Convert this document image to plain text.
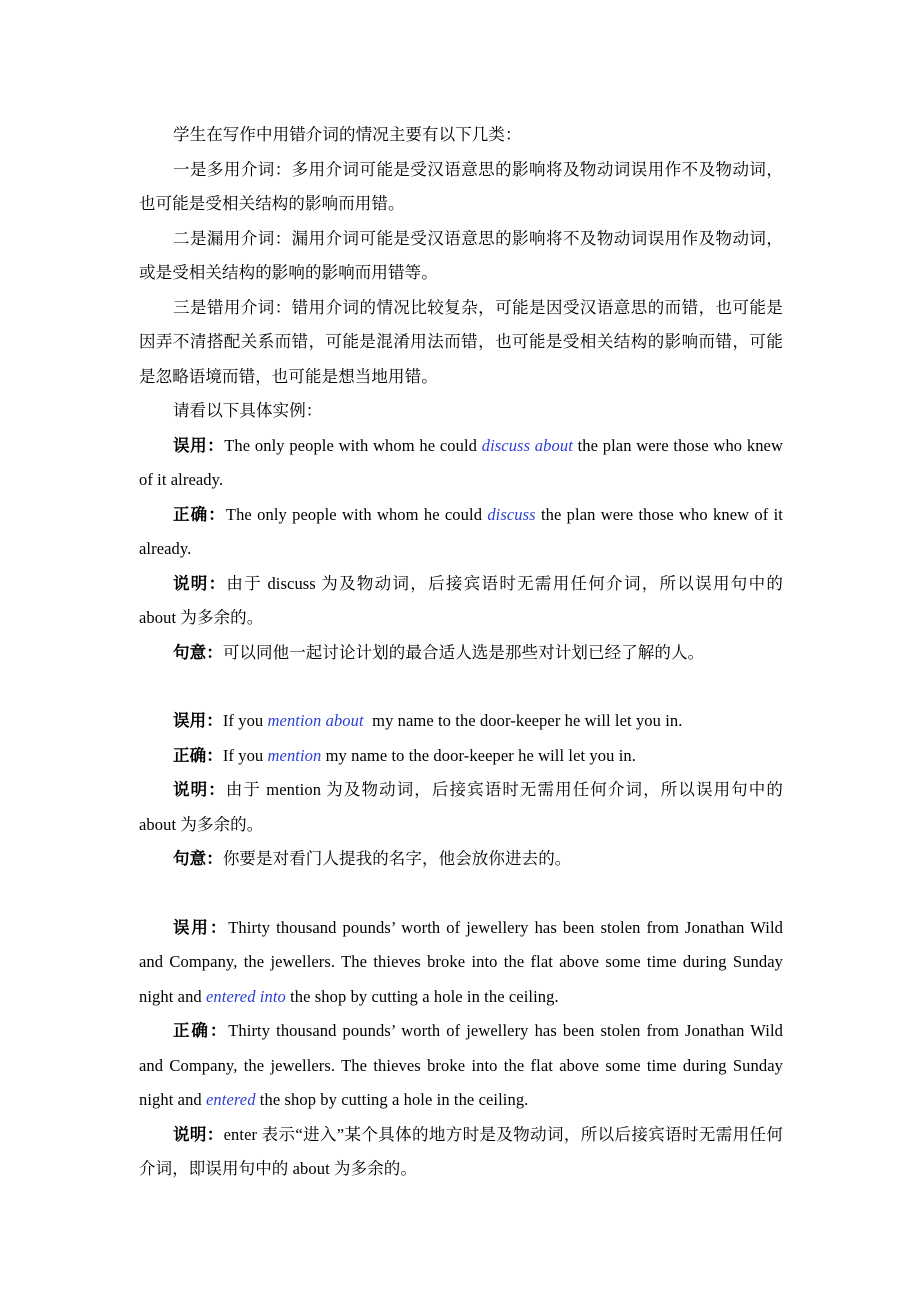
学生在写作中用错介词的情况主要有以下几类：

一是多用介词：多用介词可能是受汉语意思的影响将及物动词误用作不及物动词，也可能是受相关结构的影响而用错。

二是漏用介词：漏用介词可能是受汉语意思的影响将不及物动词误用作及物动词，或是受相关结构的影响的影响而用错等。

三是错用介词：错用介词的情况比较复杂，可能是因受汉语意思的而错，也可能是因弄不清搭配关系而错，可能是混淆用法而错，也可能是受相关结构的影响而错，可能是忽略语境而错，也可能是想当地用错。

请看以下具体实例：

误用：The only people with whom he could discuss about the plan were those who knew of it already.

正确：The only people with whom he could discuss the plan were those who knew of it already.

说明：由于 discuss 为及物动词，后接宾语时无需用任何介词，所以误用句中的 about 为多余的。

句意：可以同他一起讨论计划的最合适人选是那些对计划已经了解的人。

误用：If you mention about  my name to the door-keeper he will let you in.

正确：If you mention my name to the door-keeper he will let you in.

说明：由于 mention 为及物动词，后接宾语时无需用任何介词，所以误用句中的 about 为多余的。

句意：你要是对看门人提我的名字，他会放你进去的。

误用：Thirty thousand pounds’ worth of jewellery has been stolen from Jonathan Wild and Company, the jewellers. The thieves broke into the flat above some time during Sunday night and entered into the shop by cutting a hole in the ceiling.

正确：Thirty thousand pounds’ worth of jewellery has been stolen from Jonathan Wild and Company, the jewellers. The thieves broke into the flat above some time during Sunday night and entered the shop by cutting a hole in the ceiling.

说明：enter 表示“进入”某个具体的地方时是及物动词，所以后接宾语时无需用任何介词，即误用句中的 about 为多余的。
